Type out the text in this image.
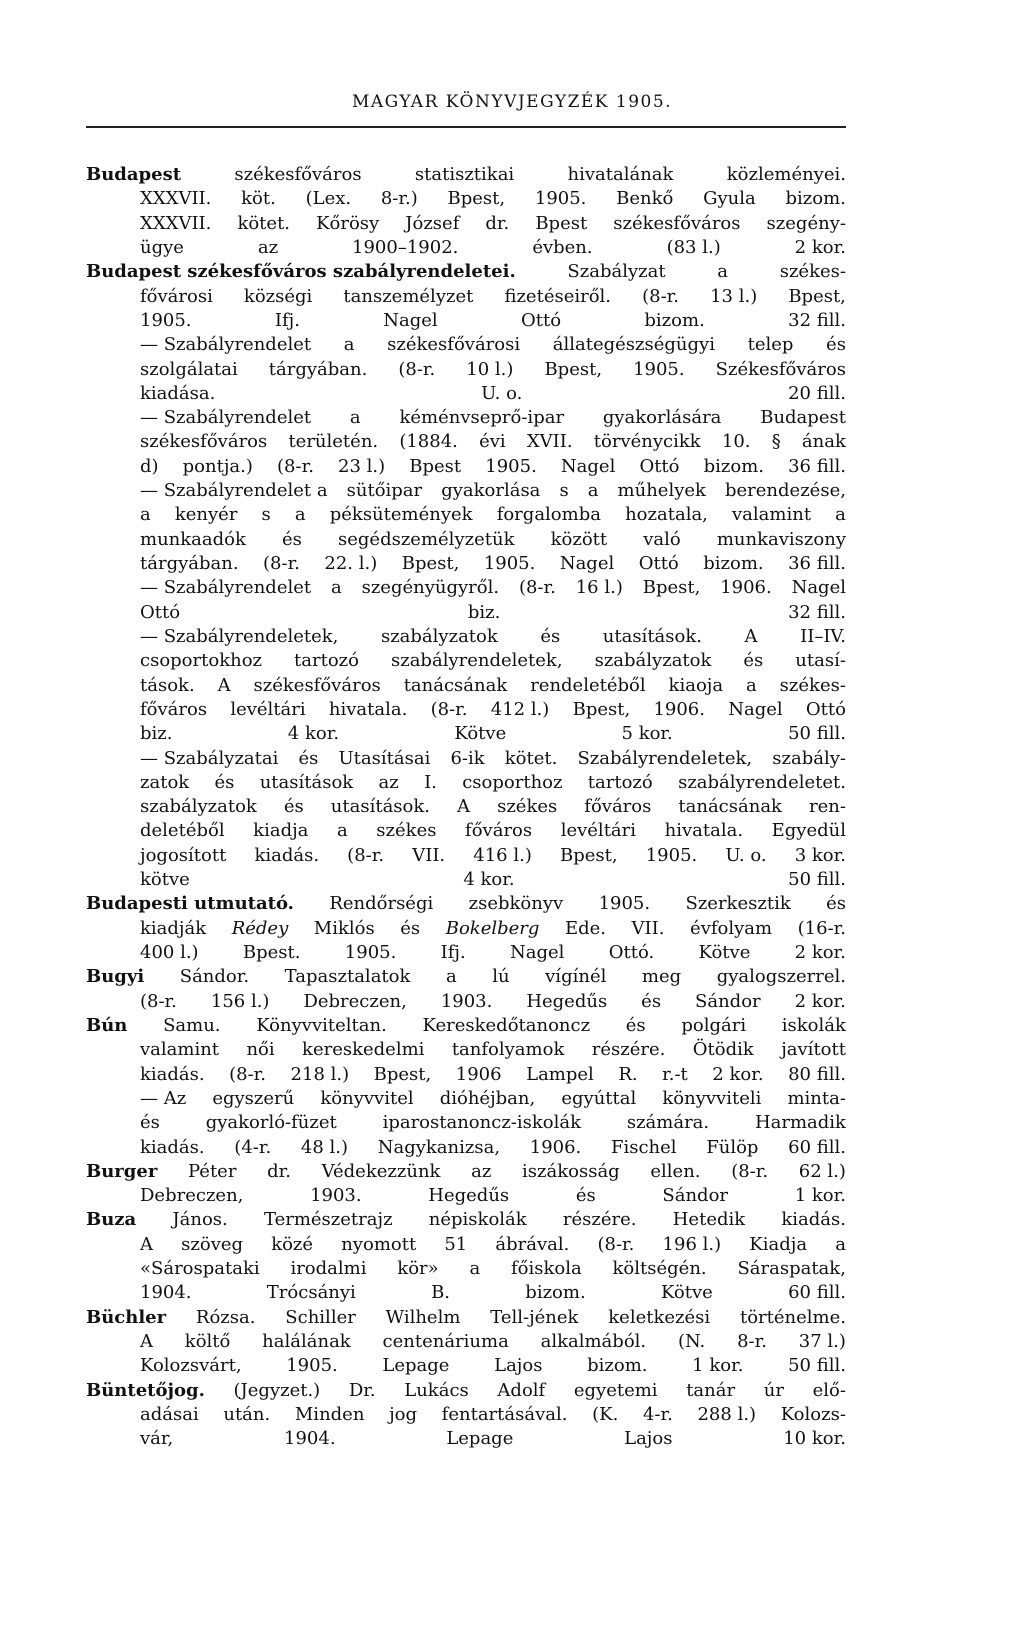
MAGYAR KÖNYVJEGYZÉK 1905.
Budapest	székesfőváros	statisztikai	hivatalának	közleményei.
XXXVII. köt. (Lex. 8-r.) Bpest, 1905. Benkő Gyula bizom.
XXXVII. kötet. Kőrösy József dr. Bpest székesfőváros szegény-
ügye	az	1900–1902.	évben.	(83 l.)	2 kor.
Budapest székesfőváros szabályrendeletei.	Szabályzat	a	székes-
fővárosi községi tanszemélyzet fizetéseiről. (8-r. 13 l.) Bpest,
1905.	Ifj.	Nagel	Ottó	bizom.	32 fill.
— Szabályrendelet a székesfővárosi állategészségügyi telep és
szolgálatai tárgyában. (8-r. 10 l.) Bpest, 1905. Székesfőváros
kiadása.	U. o.	20 fill.
— Szabályrendelet a kéménvseprő-ipar gyakorlására Budapest
székesfőváros területén. (1884. évi XVII. törvénycikk 10. § ának
d) pontja.) (8-r. 23 l.) Bpest 1905. Nagel Ottó bizom. 36 fill.
— Szabályrendelet a sütőipar gyakorlása s a műhelyek berendezése,
a kenyér s a péksütemények forgalomba hozatala, valamint a
munkaadók és segédszemélyzetük között való munkaviszony
tárgyában. (8-r. 22. l.) Bpest, 1905. Nagel Ottó bizom. 36 fill.
— Szabályrendelet a szegényügyről. (8-r. 16 l.) Bpest, 1906. Nagel
Ottó	biz.	32 fill.
— Szabályrendeletek, szabályzatok és utasítások. A II–IV.
csoportokhoz tartozó szabályrendeletek, szabályzatok és utasí-
tások. A székesfőváros tanácsának rendeletéből kiaoja a székes-
főváros levéltári hivatala. (8-r. 412 l.) Bpest, 1906. Nagel Ottó
biz.	4 kor.	Kötve	5 kor.	50 fill.
— Szabályzatai és Utasításai 6-ik kötet. Szabályrendeletek, szabály-
zatok és utasítások az I. csoporthoz tartozó szabályrendeletet.
szabályzatok és utasítások. A székes főváros tanácsának ren-
deletéből kiadja a székes főváros levéltári hivatala. Egyedül
jogosított kiadás. (8-r. VII. 416 l.) Bpest, 1905. U. o. 3 kor.
kötve	4 kor.	50 fill.
Budapesti utmutató. Rendőrségi zsebkönyv 1905. Szerkesztik és
kiadják Rédey Miklós és Bokelberg Ede. VII. évfolyam (16-r.
400 l.) Bpest. 1905. Ifj. Nagel Ottó. Kötve 2 kor.
Bugyi Sándor. Tapasztalatok a lú vígínél meg gyalogszerrel.
(8-r. 156 l.) Debreczen, 1903. Hegedűs és Sándor 2 kor.
Bún Samu. Könyvviteltan. Kereskedőtanoncz és polgári iskolák
valamint női kereskedelmi tanfolyamok részére. Ötödik javított
kiadás. (8-r. 218 l.) Bpest, 1906 Lampel R. r.-t 2 kor. 80 fill.
— Az egyszerű könyvvitel dióhéjban, egyúttal könyvviteli minta-
és	gyakorló-füzet	iparostanoncz-iskolák	számára.	Harmadik
kiadás. (4-r. 48 l.) Nagykanizsa, 1906. Fischel Fülöp 60 fill.
Burger Péter dr. Védekezzünk az iszákosság ellen. (8-r. 62 l.)
Debreczen,	1903.	Hegedűs	és	Sándor	1 kor.
Buza János. Természetrajz népiskolák részére. Hetedik kiadás.
A szöveg közé nyomott 51 ábrával. (8-r. 196 l.) Kiadja a
«Sárospataki irodalmi kör» a főiskola költségén. Sáraspatak,
1904.	Trócsányi	B.	bizom.	Kötve	60 fill.
Büchler Rózsa. Schiller Wilhelm Tell-jének keletkezési történelme.
A költő halálának centenáriuma alkalmából. (N. 8-r. 37 l.)
Kolozsvárt, 1905. Lepage Lajos bizom. 1 kor. 50 fill.
Büntetőjog. (Jegyzet.) Dr. Lukács Adolf egyetemi tanár úr elő-
adásai után. Minden jog fentartásával. (K. 4-r. 288 l.) Kolozs-
vár,	1904.	Lepage	Lajos	10 kor.
